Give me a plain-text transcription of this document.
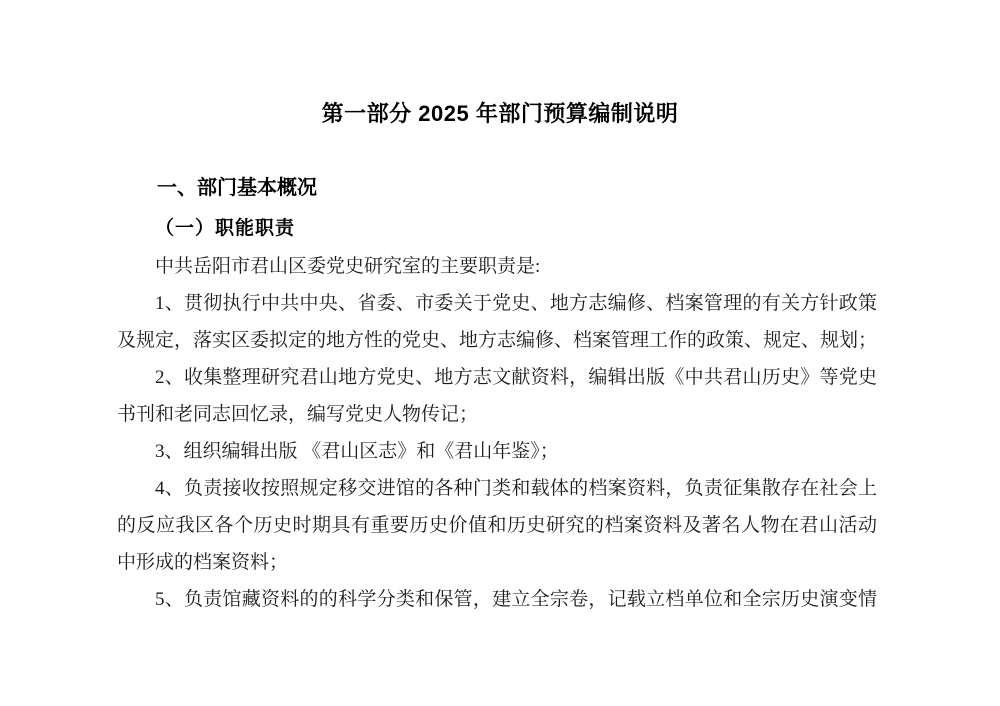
第一部分 2025 年部门预算编制说明
一、部门基本概况
（一）职能职责
中共岳阳市君山区委党史研究室的主要职责是:
1、贯彻执行中共中央、省委、市委关于党史、地方志编修、档案管理的有关方针政策
及规定，落实区委拟定的地方性的党史、地方志编修、档案管理工作的政策、规定、规划；
2、收集整理研究君山地方党史、地方志文献资料，编辑出版《中共君山历史》等党史
书刊和老同志回忆录，编写党史人物传记；
3、组织编辑出版 《君山区志》和《君山年鉴》；
4、负责接收按照规定移交进馆的各种门类和载体的档案资料，负责征集散存在社会上
的反应我区各个历史时期具有重要历史价值和历史研究的档案资料及著名人物在君山活动
中形成的档案资料；
5、负责馆藏资料的的科学分类和保管，建立全宗卷，记载立档单位和全宗历史演变情
